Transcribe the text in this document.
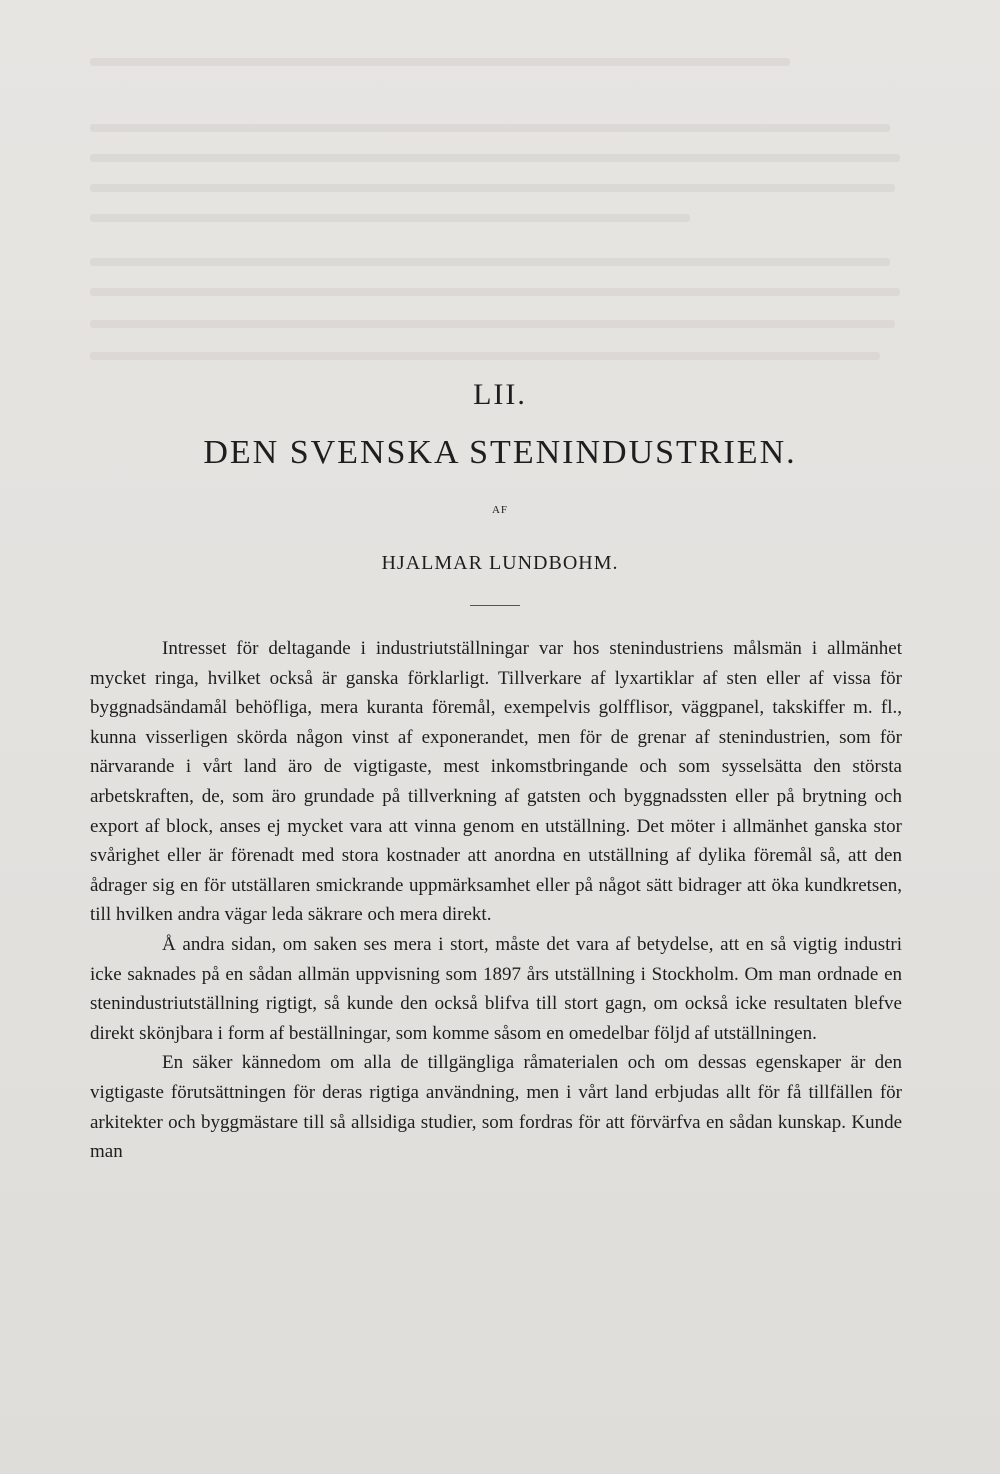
LII.
DEN SVENSKA STENINDUSTRIEN.
AF
HJALMAR LUNDBOHM.

Intresset för deltagande i industriutställningar var hos stenindustriens målsmän i allmänhet mycket ringa, hvilket också är ganska förklarligt. Tillverkare af lyxartiklar af sten eller af vissa för byggnadsändamål behöfliga, mera kuranta föremål, exempelvis golfflisor, väggpanel, takskiffer m. fl., kunna visserligen skörda någon vinst af exponerandet, men för de grenar af stenindustrien, som för närvarande i vårt land äro de vigtigaste, mest inkomstbringande och som sysselsätta den största arbetskraften, de, som äro grundade på tillverkning af gatsten och byggnadssten eller på brytning och export af block, anses ej mycket vara att vinna genom en utställning. Det möter i allmänhet ganska stor svårighet eller är förenadt med stora kostnader att anordna en utställning af dylika föremål så, att den ådrager sig en för utställaren smickrande uppmärksamhet eller på något sätt bidrager att öka kundkretsen, till hvilken andra vägar leda säkrare och mera direkt.

Å andra sidan, om saken ses mera i stort, måste det vara af betydelse, att en så vigtig industri icke saknades på en sådan allmän uppvisning som 1897 års utställning i Stockholm. Om man ordnade en stenindustriutställning rigtigt, så kunde den också blifva till stort gagn, om också icke resultaten blefve direkt skönjbara i form af beställningar, som komme såsom en omedelbar följd af utställningen.

En säker kännedom om alla de tillgängliga råmaterialen och om dessas egenskaper är den vigtigaste förutsättningen för deras rigtiga användning, men i vårt land erbjudas allt för få tillfällen för arkitekter och byggmästare till så allsidiga studier, som fordras för att förvärfva en sådan kunskap. Kunde man
